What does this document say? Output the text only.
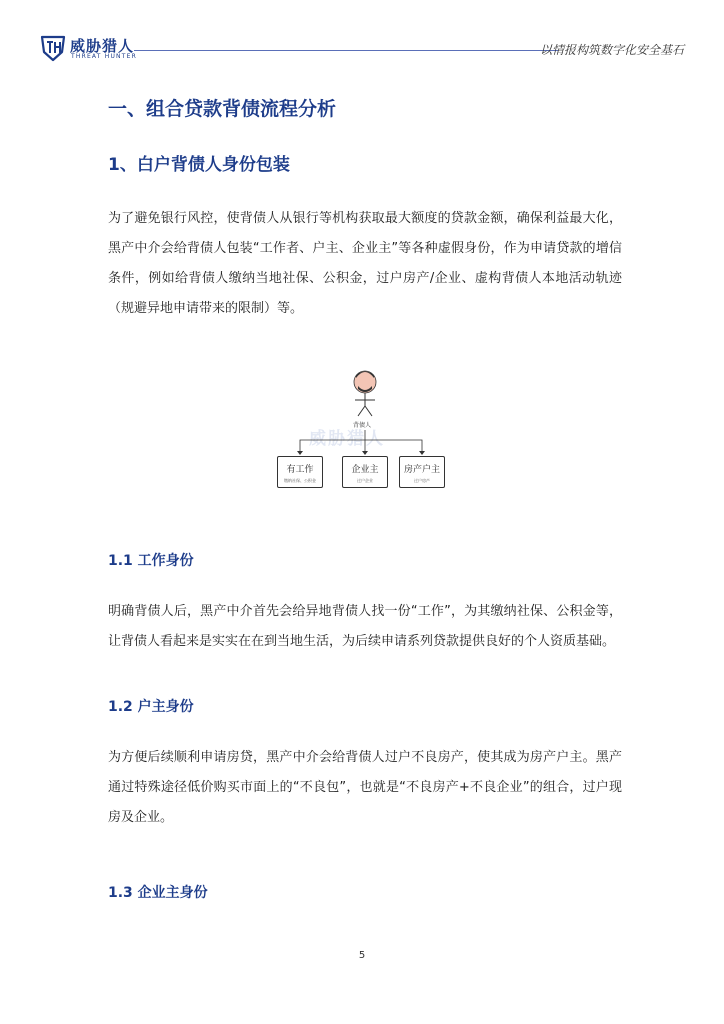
威胁猎人
THREAT HUNTER	以情报构筑数字化安全基石
一、组合贷款背债流程分析
1、白户背债人身份包装

为了避免银行风控，使背债人从银行等机构获取最大额度的贷款金额，确保利益最大化，黑产中介会给背债人包装“工作者、户主、企业主”等各种虚假身份，作为申请贷款的增信条件，例如给背债人缴纳当地社保、公积金，过户房产/企业、虚构背债人本地活动轨迹（规避异地申请带来的限制）等。

威胁猎人
背债人
有工作
缴纳社保、公积金
企业主
过户企业
房产户主
过户房产
1.1 工作身份

明确背债人后，黑产中介首先会给异地背债人找一份“工作”，为其缴纳社保、公积金等，让背债人看起来是实实在在到当地生活，为后续申请系列贷款提供良好的个人资质基础。

1.2 户主身份

为方便后续顺利申请房贷，黑产中介会给背债人过户不良房产，使其成为房产户主。黑产通过特殊途径低价购买市面上的“不良包”，也就是“不良房产+不良企业”的组合，过户现房及企业。

1.3 企业主身份
5
